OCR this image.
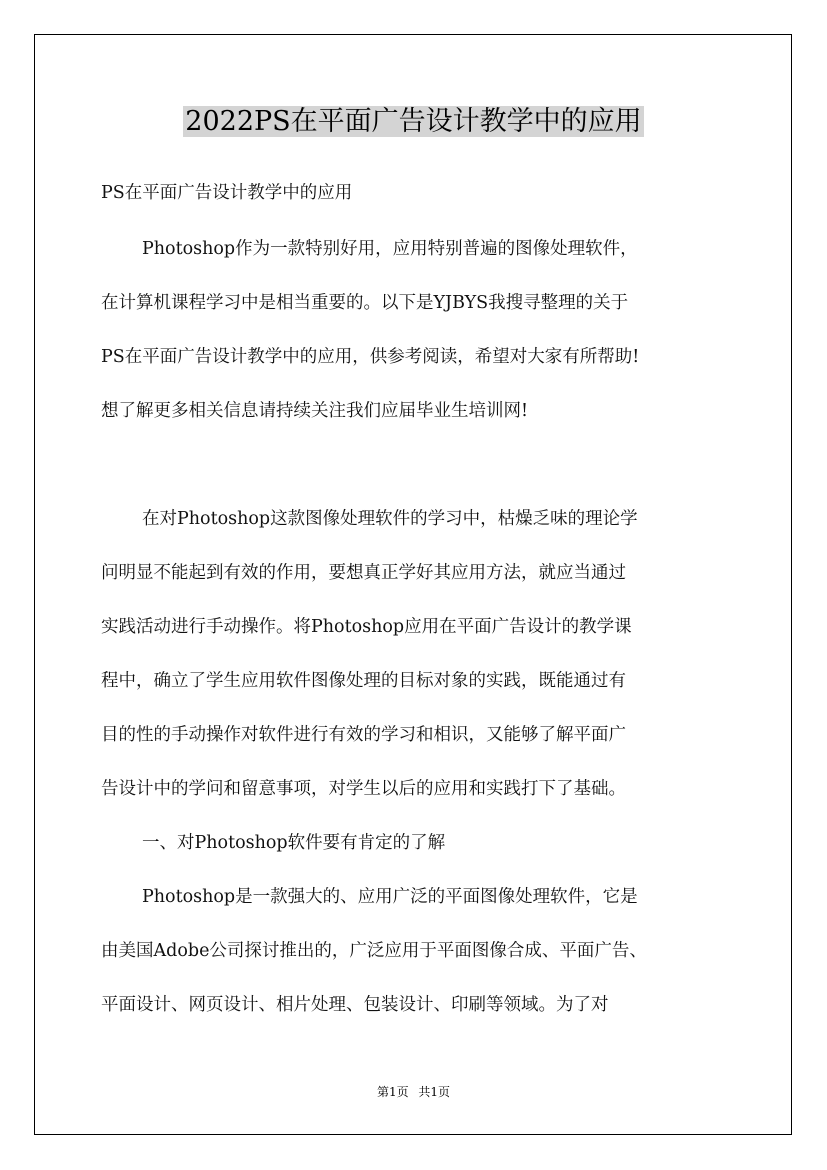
2022PS在平面广告设计教学中的应用
PS在平面广告设计教学中的应用
Photoshop作为一款特别好用，应用特别普遍的图像处理软件，
在计算机课程学习中是相当重要的。以下是YJBYS我搜寻整理的关于
PS在平面广告设计教学中的应用，供参考阅读，希望对大家有所帮助!
想了解更多相关信息请持续关注我们应届毕业生培训网!
在对Photoshop这款图像处理软件的学习中，枯燥乏味的理论学
问明显不能起到有效的作用，要想真正学好其应用方法，就应当通过
实践活动进行手动操作。将Photoshop应用在平面广告设计的教学课
程中，确立了学生应用软件图像处理的目标对象的实践，既能通过有
目的性的手动操作对软件进行有效的学习和相识，又能够了解平面广
告设计中的学问和留意事项，对学生以后的应用和实践打下了基础。
一、对Photoshop软件要有肯定的了解
Photoshop是一款强大的、应用广泛的平面图像处理软件，它是
由美国Adobe公司探讨推出的，广泛应用于平面图像合成、平面广告、
平面设计、网页设计、相片处理、包装设计、印刷等领域。为了对
第1页 共1页
